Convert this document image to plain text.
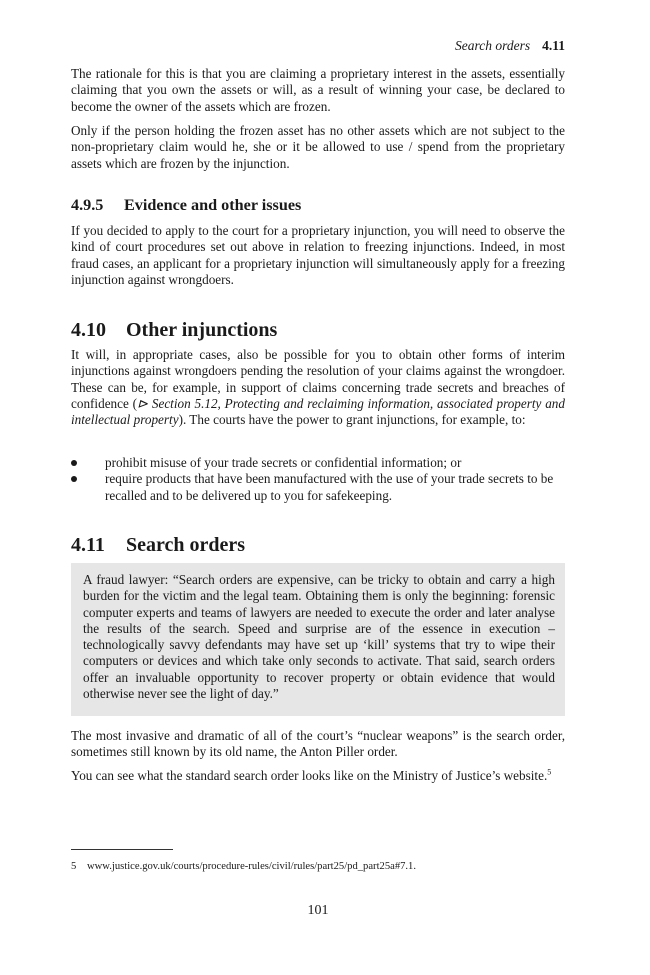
Search orders 4.11

The rationale for this is that you are claiming a proprietary interest in the assets, essentially claiming that you own the assets or will, as a result of winning your case, be declared to become the owner of the assets which are frozen.

Only if the person holding the frozen asset has no other assets which are not subject to the non-proprietary claim would he, she or it be allowed to use / spend from the proprietary assets which are frozen by the injunction.

4.9.5 Evidence and other issues

If you decided to apply to the court for a proprietary injunction, you will need to observe the kind of court procedures set out above in relation to freezing injunctions. Indeed, in most fraud cases, an applicant for a proprietary injunction will simultaneously apply for a freezing injunction against wrongdoers.

4.10 Other injunctions

It will, in appropriate cases, also be possible for you to obtain other forms of interim injunctions against wrongdoers pending the resolution of your claims against the wrongdoer. These can be, for example, in support of claims concerning trade secrets and breaches of confidence (⊳ Section 5.12, Protecting and reclaiming information, associated property and intellectual property). The courts have the power to grant injunctions, for example, to:

prohibit misuse of your trade secrets or confidential information; or
require products that have been manufactured with the use of your trade secrets to be recalled and to be delivered up to you for safekeeping.
4.11 Search orders

A fraud lawyer: “Search orders are expensive, can be tricky to obtain and carry a high burden for the victim and the legal team. Obtaining them is only the beginning: forensic computer experts and teams of lawyers are needed to execute the order and later analyse the results of the search. Speed and surprise are of the essence in execution – technologically savvy defendants may have set up ‘kill’ systems that try to wipe their computers or devices and which take only seconds to activate. That said, search orders offer an invaluable opportunity to recover property or obtain evidence that would otherwise never see the light of day.”

The most invasive and dramatic of all of the court’s “nuclear weapons” is the search order, sometimes still known by its old name, the Anton Piller order.

You can see what the standard search order looks like on the Ministry of Justice’s website.$^5$

5 www.justice.gov.uk/courts/procedure-rules/civil/rules/part25/pd_part25a#7.1.
101
